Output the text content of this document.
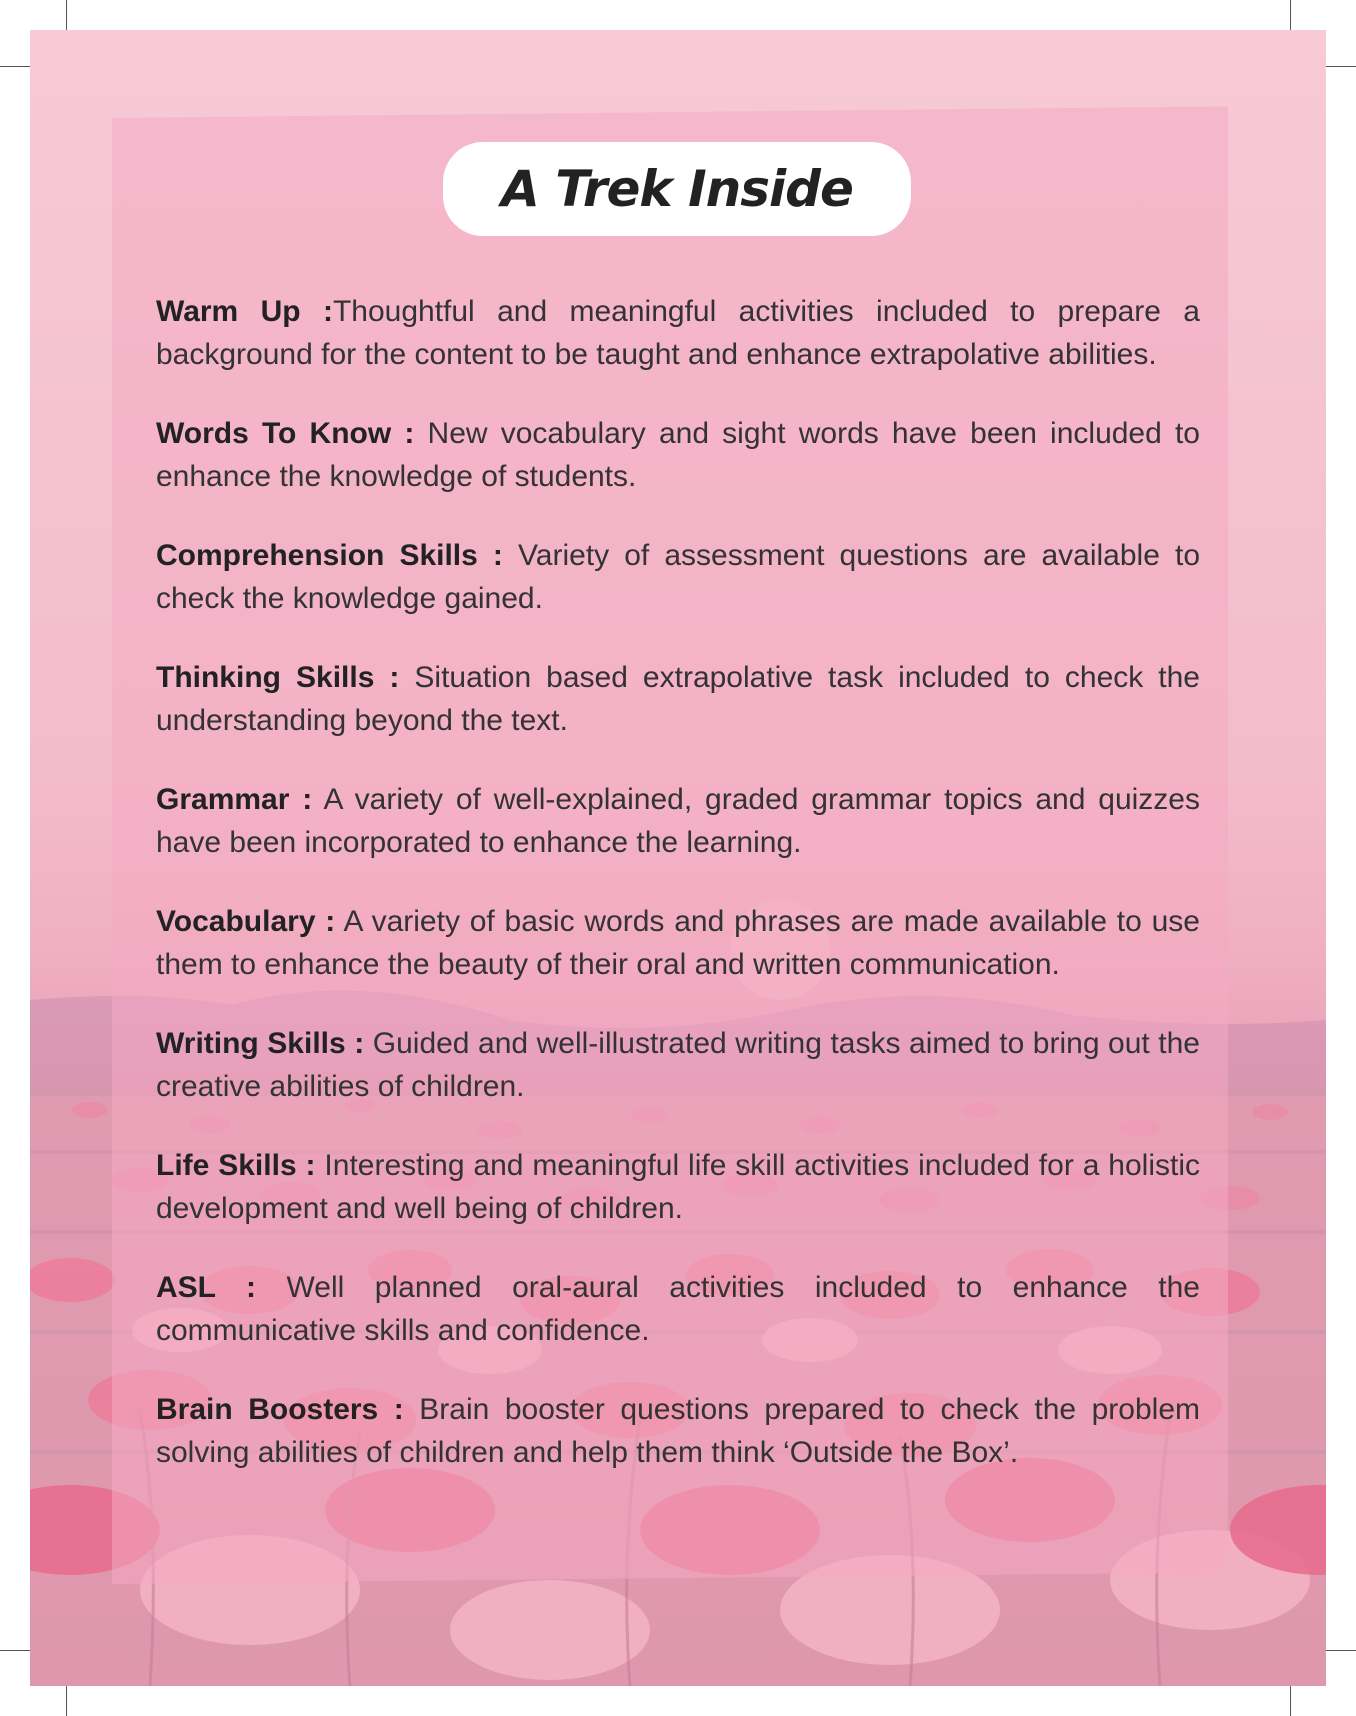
A Trek Inside

Warm Up :Thoughtful and meaningful activities included to prepare a background for the content to be taught and enhance extrapolative abilities.

Words To Know : New vocabulary and sight words have been included to enhance the knowledge of students.

Comprehension Skills : Variety of assessment questions are available to check the knowledge gained.

Thinking Skills : Situation based extrapolative task included to check the understanding beyond the text.

Grammar : A variety of well-explained, graded grammar topics and quizzes have been incorporated to enhance the learning.

Vocabulary : A variety of basic words and phrases are made available to use them to enhance the beauty of their oral and written communication.

Writing Skills : Guided and well-illustrated writing tasks aimed to bring out the creative abilities of children.

Life Skills : Interesting and meaningful life skill activities included for a holistic development and well being of children.

ASL : Well planned oral-aural activities included to enhance the communicative skills and confidence.

Brain Boosters : Brain booster questions prepared to check the problem solving abilities of children and help them think ‘Outside the Box’.
